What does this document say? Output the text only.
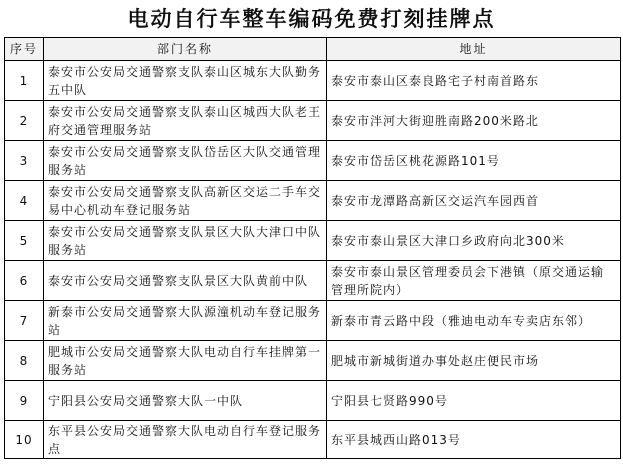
电动自行车整车编码免费打刻挂牌点
序号	部门名称	地址
1	泰安市公安局交通警察支队泰山区城东大队勤务五中队	泰安市泰山区泰良路宅子村南首路东
2	泰安市公安局交通警察支队泰山区城西大队老王府交通管理服务站	泰安市泮河大街迎胜南路200米路北
3	泰安市公安局交通警察支队岱岳区大队交通管理服务站	泰安市岱岳区桃花源路101号
4	泰安市公安局交通警察支队高新区交运二手车交易中心机动车登记服务站	泰安市龙潭路高新区交运汽车园西首
5	泰安市公安局交通警察支队景区大队大津口中队服务站	泰安市泰山景区大津口乡政府向北300米
6	泰安市公安局交通警察支队景区大队黄前中队	泰安市泰山景区管理委员会下港镇（原交通运输管理所院内）
7	新泰市公安局交通警察大队源潼机动车登记服务站	新泰市青云路中段（雅迪电动车专卖店东邻）
8	肥城市公安局交通警察大队电动自行车挂牌第一服务站	肥城市新城街道办事处赵庄便民市场
9	宁阳县公安局交通警察大队一中队	宁阳县七贤路990号
10	东平县公安局交通警察大队电动自行车登记服务点	东平县城西山路013号
